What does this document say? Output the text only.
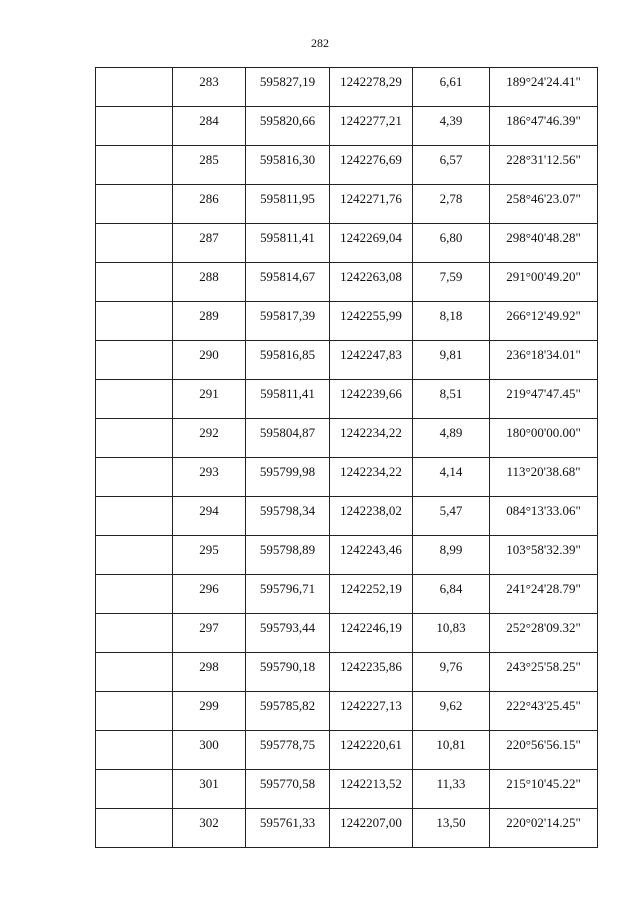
282
	283	595827,19	1242278,29	6,61	189°24'24.41"
	284	595820,66	1242277,21	4,39	186°47'46.39"
	285	595816,30	1242276,69	6,57	228°31'12.56"
	286	595811,95	1242271,76	2,78	258°46'23.07"
	287	595811,41	1242269,04	6,80	298°40'48.28"
	288	595814,67	1242263,08	7,59	291°00'49.20"
	289	595817,39	1242255,99	8,18	266°12'49.92"
	290	595816,85	1242247,83	9,81	236°18'34.01"
	291	595811,41	1242239,66	8,51	219°47'47.45"
	292	595804,87	1242234,22	4,89	180°00'00.00"
	293	595799,98	1242234,22	4,14	113°20'38.68"
	294	595798,34	1242238,02	5,47	084°13'33.06"
	295	595798,89	1242243,46	8,99	103°58'32.39"
	296	595796,71	1242252,19	6,84	241°24'28.79"
	297	595793,44	1242246,19	10,83	252°28'09.32"
	298	595790,18	1242235,86	9,76	243°25'58.25"
	299	595785,82	1242227,13	9,62	222°43'25.45"
	300	595778,75	1242220,61	10,81	220°56'56.15"
	301	595770,58	1242213,52	11,33	215°10'45.22"
	302	595761,33	1242207,00	13,50	220°02'14.25"
